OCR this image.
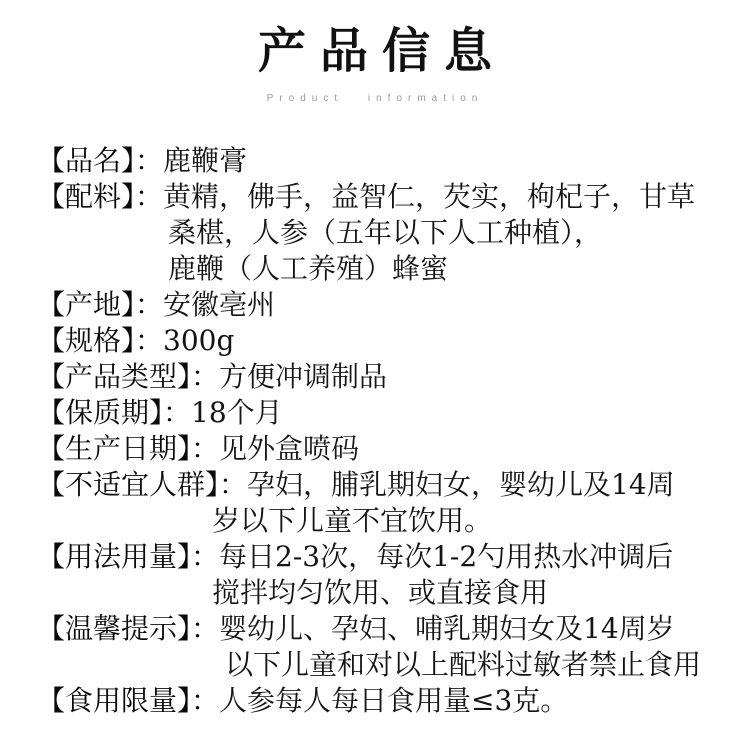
产品信息
Product information
【品名】：鹿鞭膏
【配料】：黄精，佛手，益智仁，芡实，枸杞子，甘草
桑椹，人参（五年以下人工种植），
鹿鞭（人工养殖）蜂蜜
【产地】：安徽亳州
【规格】：300g
【产品类型】：方便冲调制品
【保质期】：18个月
【生产日期】：见外盒喷码
【不适宜人群】：孕妇，脯乳期妇女，婴幼儿及14周
岁以下儿童不宜饮用。
【用法用量】：每日2-3次，每次1-2勺用热水冲调后
搅拌均匀饮用、或直接食用
【温馨提示】：婴幼儿、孕妇、哺乳期妇女及14周岁
以下儿童和对以上配料过敏者禁止食用
【食用限量】：人参每人每日食用量≤3克。
